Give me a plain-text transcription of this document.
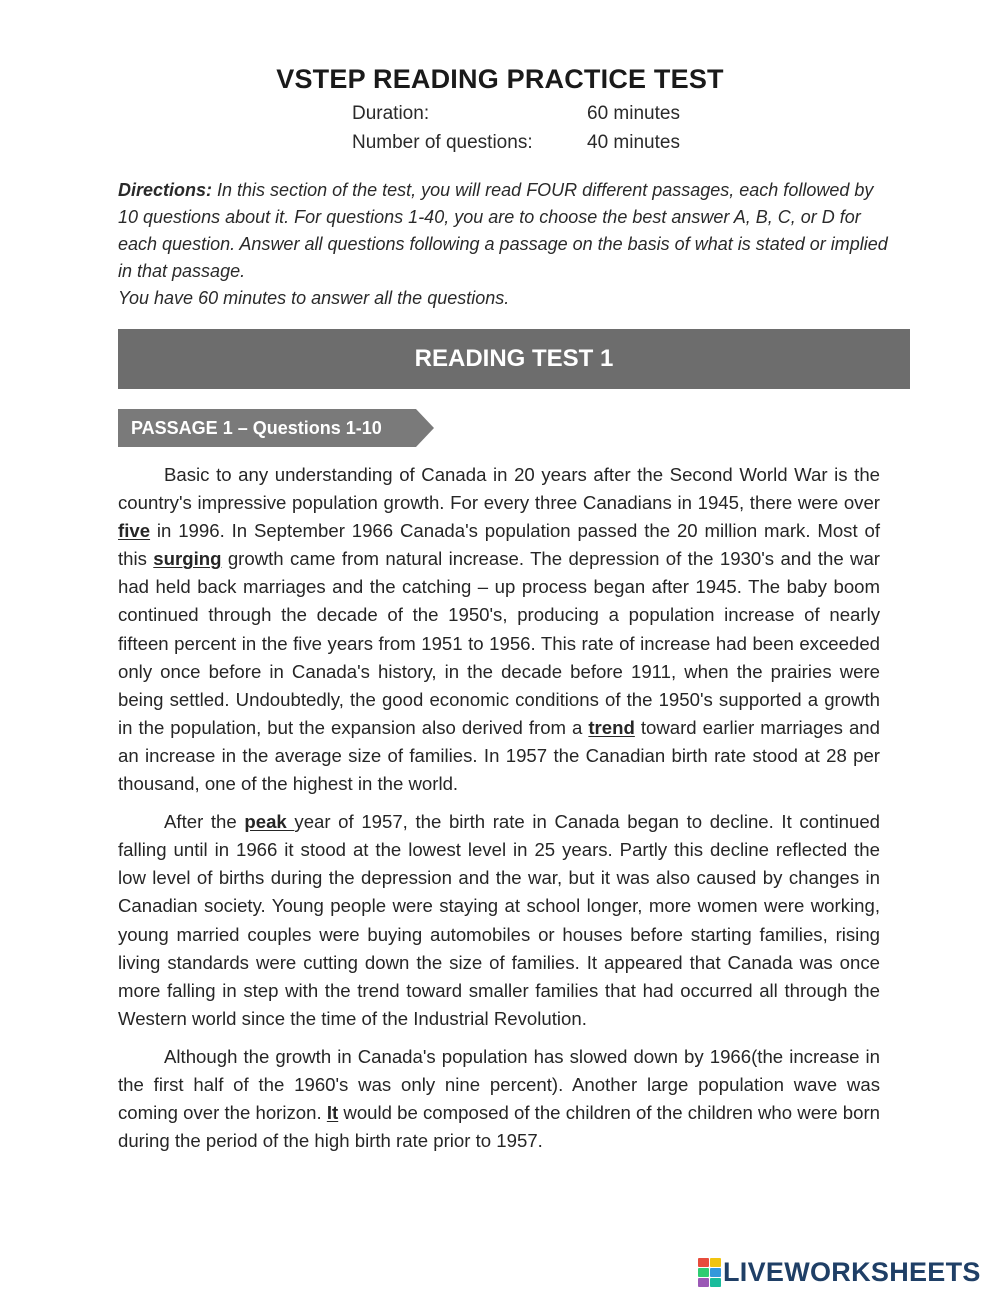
VSTEP READING PRACTICE TEST
Duration:	60 minutes
Number of questions:	40 minutes

Directions: In this section of the test, you will read FOUR different passages, each followed by 10 questions about it. For questions 1-40, you are to choose the best answer A, B, C, or D for each question. Answer all questions following a passage on the basis of what is stated or implied in that passage.

You have 60 minutes to answer all the questions.

READING TEST 1
PASSAGE 1 – Questions 1-10

Basic to any understanding of Canada in 20 years after the Second World War is the country's impressive population growth. For every three Canadians in 1945, there were over five in 1996. In September 1966 Canada's population passed the 20 million mark. Most of this surging growth came from natural increase. The depression of the 1930's and the war had held back marriages and the catching – up process began after 1945. The baby boom continued through the decade of the 1950's, producing a population increase of nearly fifteen percent in the five years from 1951 to 1956. This rate of increase had been exceeded only once before in Canada's history, in the decade before 1911, when the prairies were being settled. Undoubtedly, the good economic conditions of the 1950's supported a growth in the population, but the expansion also derived from a trend toward earlier marriages and an increase in the average size of families. In 1957 the Canadian birth rate stood at 28 per thousand, one of the highest in the world.

After the peak year of 1957, the birth rate in Canada began to decline. It continued falling until in 1966 it stood at the lowest level in 25 years. Partly this decline reflected the low level of births during the depression and the war, but it was also caused by changes in Canadian society. Young people were staying at school longer, more women were working, young married couples were buying automobiles or houses before starting families, rising living standards were cutting down the size of families. It appeared that Canada was once more falling in step with the trend toward smaller families that had occurred all through the Western world since the time of the Industrial Revolution.

Although the growth in Canada's population has slowed down by 1966(the increase in the first half of the 1960's was only nine percent). Another large population wave was coming over the horizon. It would be composed of the children of the children who were born during the period of the high birth rate prior to 1957.

LIVEWORKSHEETS
